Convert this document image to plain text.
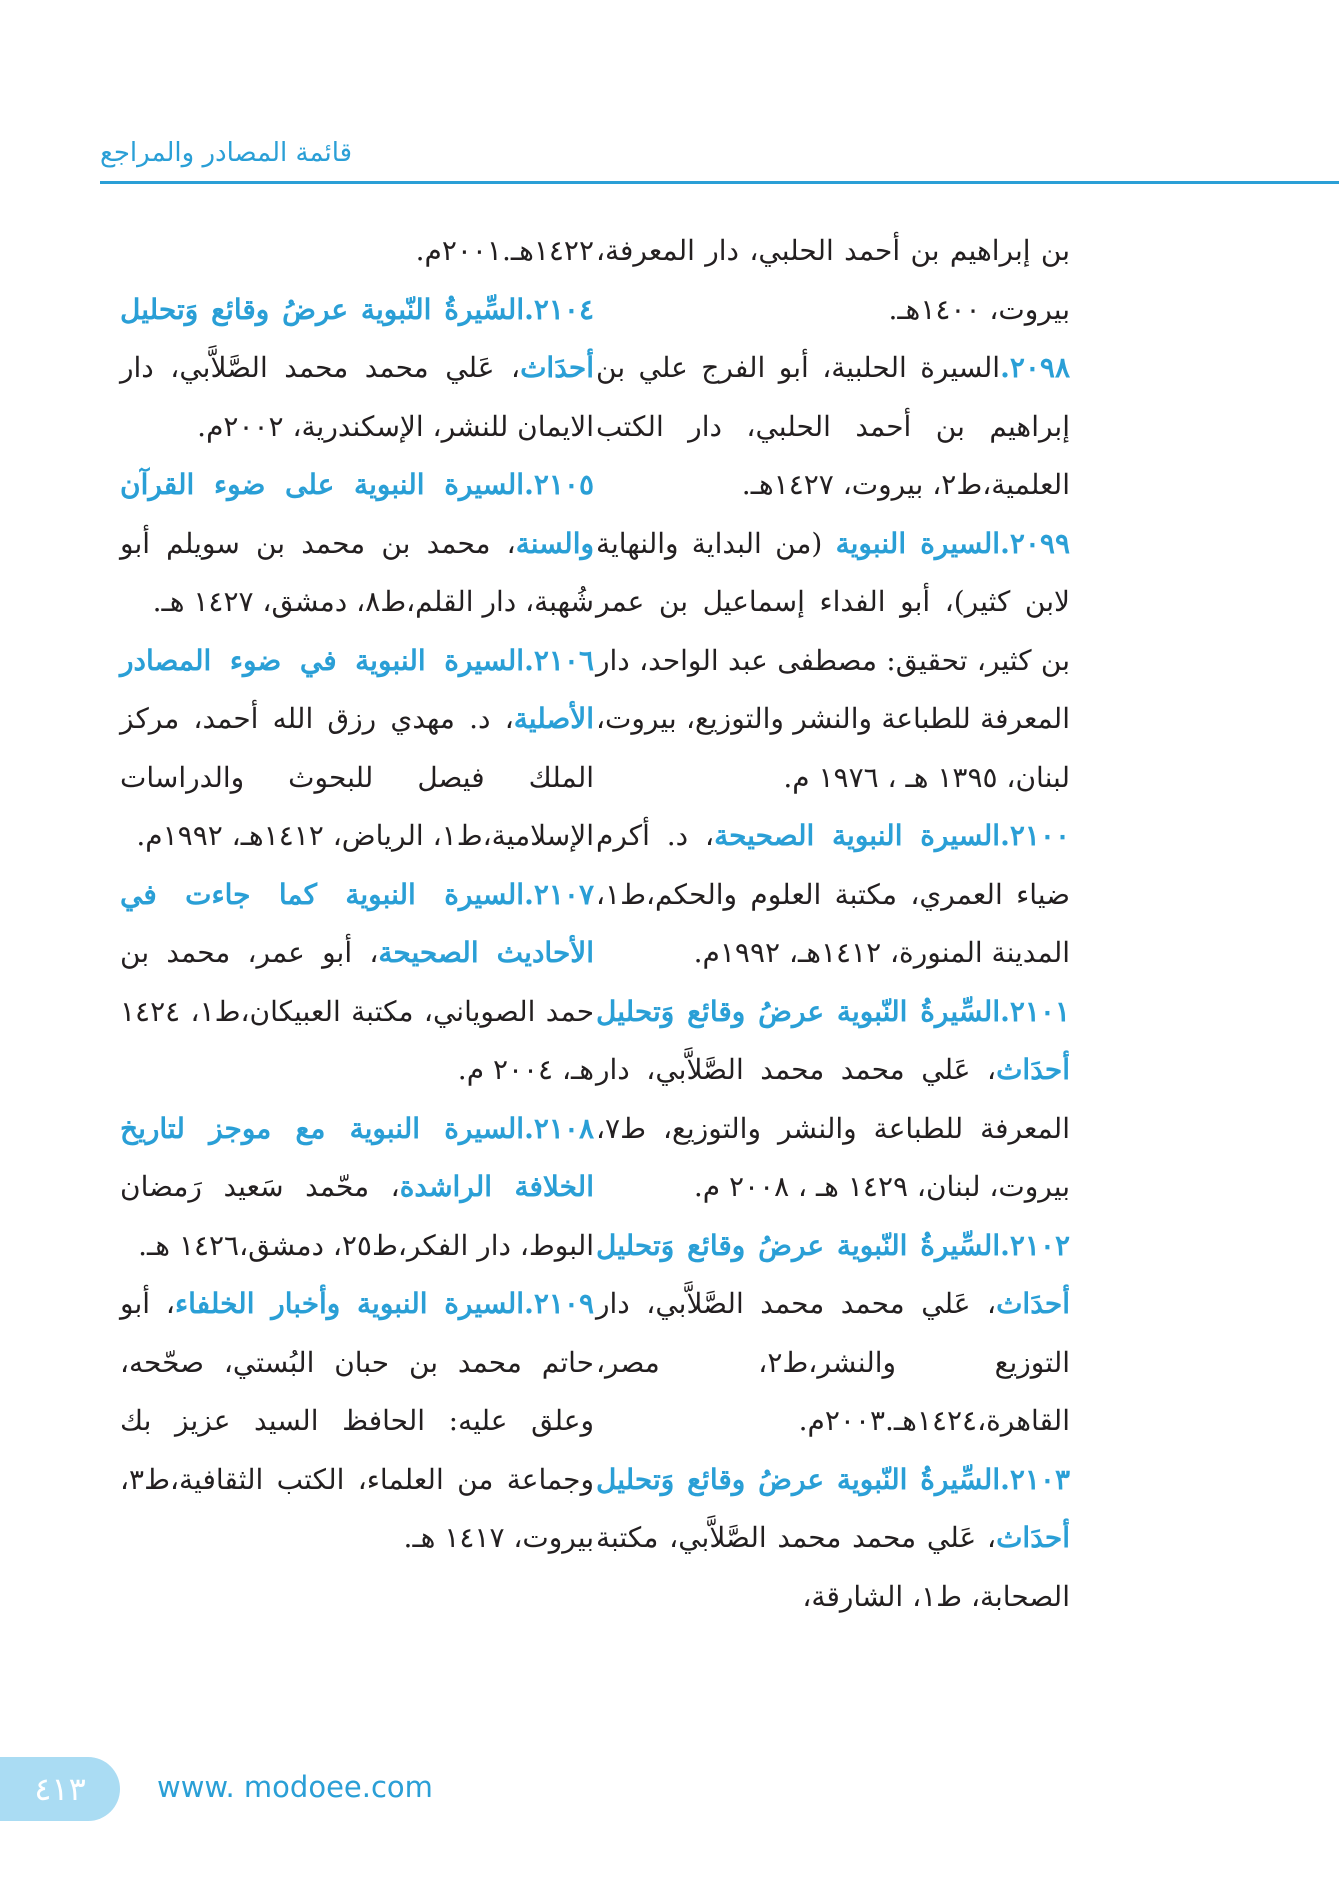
قائمة المصادر والمراجع

بن إبراهيم بن أحمد الحلبي، دار المعرفة، بيروت، ١٤٠٠هـ.

٢٠٩٨.السيرة الحلبية، أبو الفرج علي بن إبراهيم بن أحمد الحلبي، دار الكتب العلمية،ط٢، بيروت، ١٤٢٧هـ.

٢٠٩٩.السيرة النبوية (من البداية والنهاية لابن كثير)، أبو الفداء إسماعيل بن عمر بن كثير، تحقيق: مصطفى عبد الواحد، دار المعرفة للطباعة والنشر والتوزيع، بيروت، لبنان، ١٣٩٥ هـ ، ١٩٧٦ م.

٢١٠٠.السيرة النبوية الصحيحة، د. أكرم ضياء العمري، مكتبة العلوم والحكم،ط١، المدينة المنورة، ١٤١٢هـ، ١٩٩٢م.

٢١٠١.السِّيرةُ النّبوية عرضُ وقائع وَتحليل أحدَاث، عَلي محمد محمد الصَّلاَّبي، دار المعرفة للطباعة والنشر والتوزيع، ط٧، بيروت، لبنان، ١٤٢٩ هـ ، ٢٠٠٨ م.

٢١٠٢.السِّيرةُ النّبوية عرضُ وقائع وَتحليل أحدَاث، عَلي محمد محمد الصَّلاَّبي، دار التوزيع والنشر،ط٢، مصر، القاهرة،١٤٢٤هـ.٢٠٠٣م.

٢١٠٣.السِّيرةُ النّبوية عرضُ وقائع وَتحليل أحدَاث، عَلي محمد محمد الصَّلاَّبي، مكتبة الصحابة، ط١، الشارقة،

١٤٢٢هـ.٢٠٠١م.

٢١٠٤.السِّيرةُ النّبوية عرضُ وقائع وَتحليل أحدَاث، عَلي محمد محمد الصَّلاَّبي، دار الايمان للنشر، الإسكندرية، ٢٠٠٢م.

٢١٠٥.السيرة النبوية على ضوء القرآن والسنة، محمد بن محمد بن سويلم أبو شُهبة، دار القلم،ط٨، دمشق، ١٤٢٧ هـ.

٢١٠٦.السيرة النبوية في ضوء المصادر الأصلية، د. مهدي رزق الله أحمد، مركز الملك فيصل للبحوث والدراسات الإسلامية،ط١، الرياض، ١٤١٢هـ، ١٩٩٢م.

٢١٠٧.السيرة النبوية كما جاءت في الأحاديث الصحيحة، أبو عمر، محمد بن حمد الصوياني، مكتبة العبيكان،ط١، ١٤٢٤ هـ، ٢٠٠٤ م.

٢١٠٨.السيرة النبوية مع موجز لتاريخ الخلافة الراشدة، محّمد سَعيد رَمضان البوط، دار الفكر،ط٢٥، دمشق،١٤٢٦ هـ.

٢١٠٩.السيرة النبوية وأخبار الخلفاء، أبو حاتم محمد بن حبان البُستي، صحّحه، وعلق عليه: الحافظ السيد عزيز بك وجماعة من العلماء، الكتب الثقافية،ط٣، بيروت، ١٤١٧ هـ.

٤١٣ www. modoee.com
